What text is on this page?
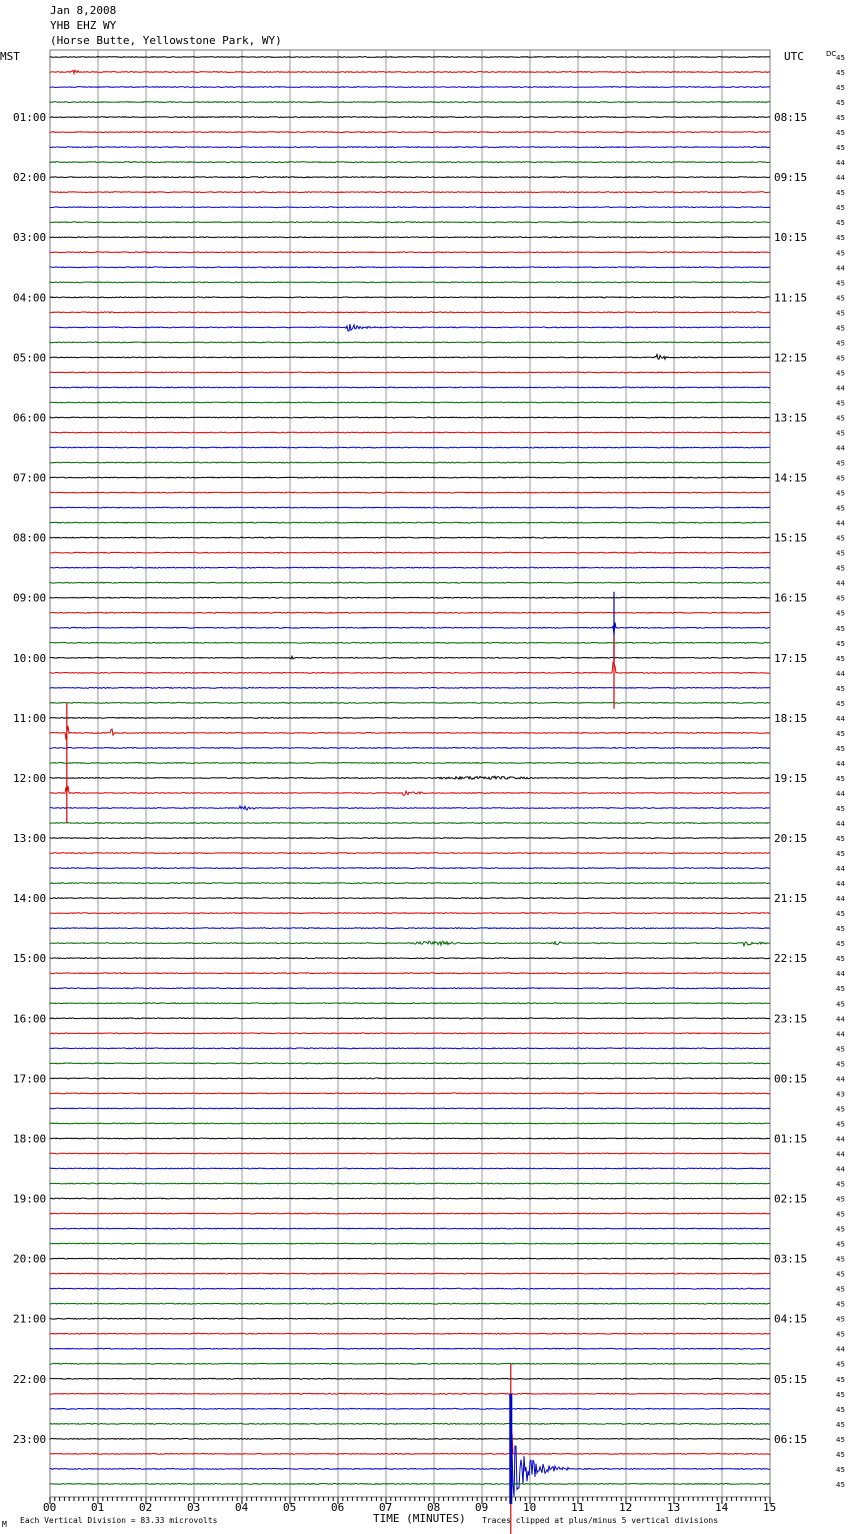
Jan 8,2008
YHB EHZ WY
(Horse Butte, Yellowstone Park, WY)
01:00
02:00
03:00
04:00
05:00
06:00
07:00
08:00
09:00
10:00
11:00
12:00
13:00
14:00
15:00
16:00
17:00
18:00
19:00
20:00
21:00
22:00
23:00
08:15
09:15
10:15
11:15
12:15
13:15
14:15
15:15
16:15
17:15
18:15
19:15
20:15
21:15
22:15
23:15
00:15
01:15
02:15
03:15
04:15
05:15
06:15
45
45
45
45
45
45
45
44
44
45
45
45
45
45
44
45
45
45
45
45
45
45
44
45
45
45
44
45
45
45
45
44
45
45
45
44
45
45
45
45
45
44
45
45
44
45
45
44
45
44
45
44
45
45
44
44
44
45
45
45
45
44
45
45
44
44
45
45
44
43
45
45
44
44
44
45
45
45
45
45
45
45
45
45
45
45
44
45
45
45
45
45
45
45
45
45
00	01	02	03	04	05	06	07	08	09	10	11	12	13	14	15
MST	UTC	DC
TIME (MINUTES)
Each Vertical Division = 83.33 microvolts	Traces clipped at plus/minus 5 vertical divisions
M
